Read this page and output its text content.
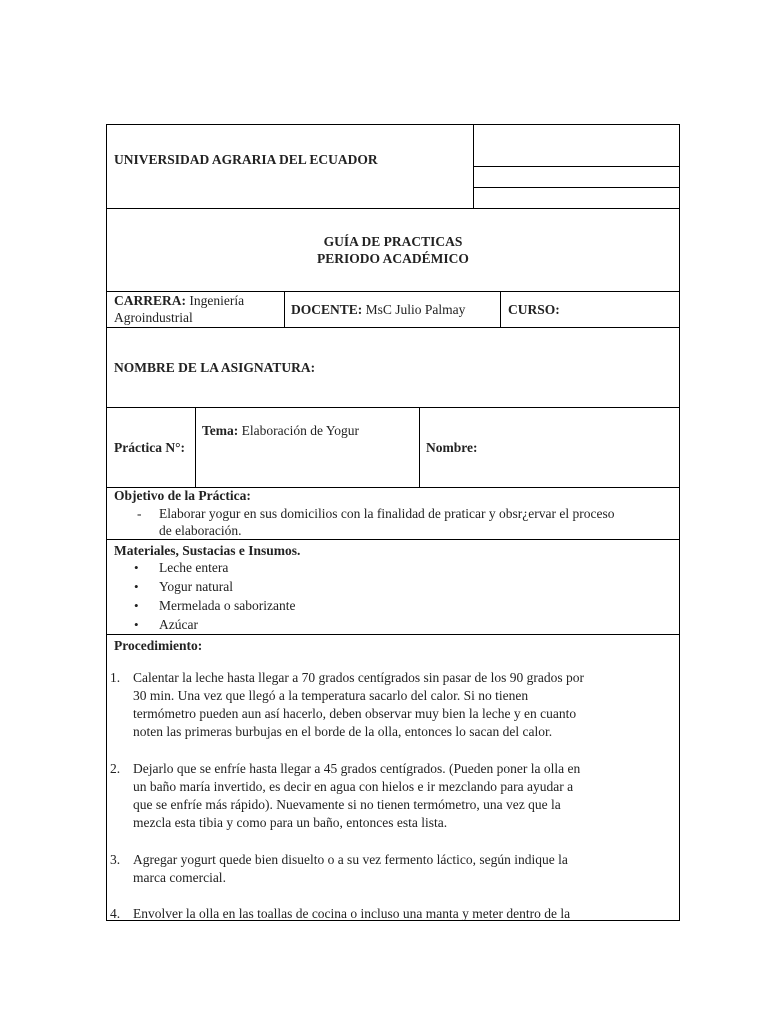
UNIVERSIDAD AGRARIA DEL ECUADOR
GUÍA DE PRACTICAS
PERIODO ACADÉMICO
CARRERA: Ingeniería
Agroindustrial
DOCENTE: MsC Julio Palmay	CURSO:
NOMBRE DE LA ASIGNATURA:
Práctica N°:
Tema: Elaboración de Yogur
Nombre:
Objetivo de la Práctica:
- Elaborar yogur en sus domicilios con la finalidad de praticar y obsr¿ervar el proceso
de elaboración.
Materiales, Sustacias e Insumos.
• Leche entera
• Yogur natural
• Mermelada o saborizante
• Azúcar
Procedimiento:
1. Calentar la leche hasta llegar a 70 grados centígrados sin pasar de los 90 grados por
30 min. Una vez que llegó a la temperatura sacarlo del calor. Si no tienen
termómetro pueden aun así hacerlo, deben observar muy bien la leche y en cuanto
noten las primeras burbujas en el borde de la olla, entonces lo sacan del calor.
2. Dejarlo que se enfríe hasta llegar a 45 grados centígrados. (Pueden poner la olla en
un baño maría invertido, es decir en agua con hielos e ir mezclando para ayudar a
que se enfríe más rápido). Nuevamente si no tienen termómetro, una vez que la
mezcla esta tibia y como para un baño, entonces esta lista.
3. Agregar yogurt quede bien disuelto o a su vez fermento láctico, según indique la
marca comercial.
4. Envolver la olla en las toallas de cocina o incluso una manta y meter dentro de la
